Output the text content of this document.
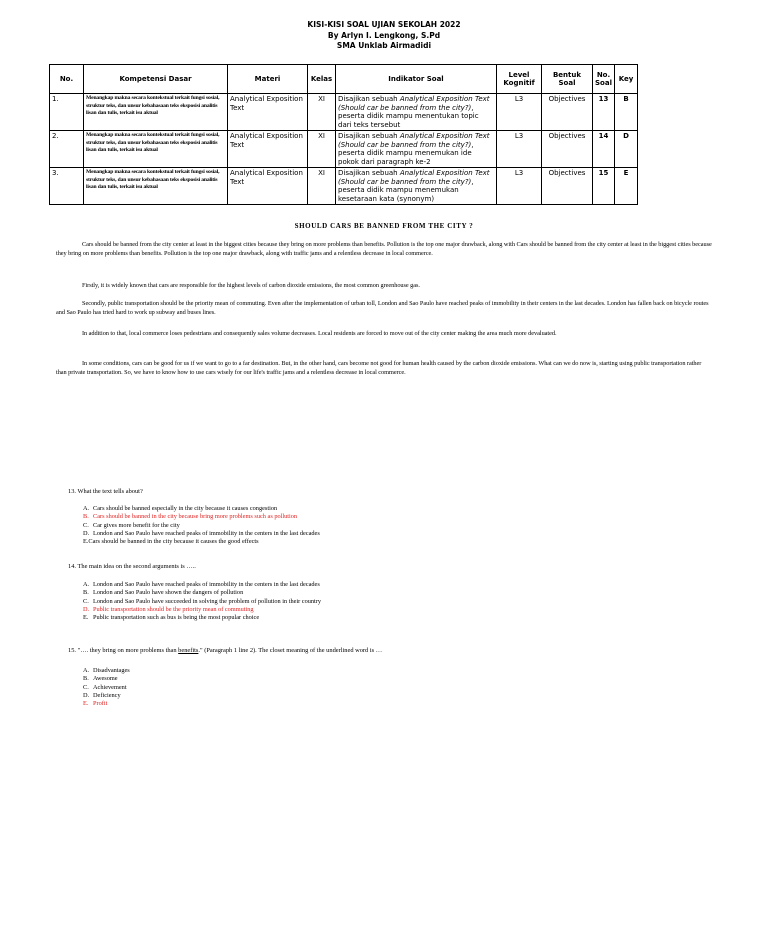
KISI-KISI SOAL UJIAN SEKOLAH 2022
By Arlyn I. Lengkong, S.Pd
SMA Unklab Airmadidi
No.	Kompetensi Dasar	Materi	Kelas	Indikator Soal	Level Kognitif	Bentuk Soal	No. Soal	Key
1.	Menangkap makna secara kontekstual terkait fungsi sosial, struktur teks, dan unsur kebahasaan teks eksposisi analitis lisan dan tulis, terkait isu aktual	Analytical Exposition Text	XI	Disajikan sebuah Analytical Exposition Text (Should car be banned from the city?), peserta didik mampu menentukan topic dari teks tersebut	L3	Objectives	13	B
2.	Menangkap makna secara kontekstual terkait fungsi sosial, struktur teks, dan unsur kebahasaan teks eksposisi analitis lisan dan tulis, terkait isu aktual	Analytical Exposition Text	XI	Disajikan sebuah Analytical Exposition Text (Should car be banned from the city?), peserta didik mampu menemukan ide pokok dari paragraph ke-2	L3	Objectives	14	D
3.	Menangkap makna secara kontekstual terkait fungsi sosial, struktur teks, dan unsur kebahasaan teks eksposisi analitis lisan dan tulis, terkait isu aktual	Analytical Exposition Text	XI	Disajikan sebuah Analytical Exposition Text (Should car be banned from the city?), peserta didik mampu menemukan kesetaraan kata (synonym)	L3	Objectives	15	E
SHOULD CARS BE BANNED FROM THE CITY ?
Cars should be banned from the city center at least in the biggest cities because they bring on more problems than benefits. Pollution is the top one major drawback, along with Cars should be banned from the city center at least in the biggest cities because they bring on more problems than benefits. Pollution is the top one major drawback, along with traffic jams and a relentless decrease in local commerce.
Firstly, it is widely known that cars are responsible for the highest levels of carbon dioxide emissions, the most common greenhouse gas.
Secondly, public transportation should be the priority mean of commuting. Even after the implementation of urban toll, London and Sao Paulo have reached peaks of immobility in their centers in the last decades. London has fallen back on bicycle routes and Sao Paulo has tried hard to work up subway and buses lines.
In addition to that, local commerce loses pedestrians and consequently sales volume decreases. Local residents are forced to move out of the city center making the area much more devaluated.
In some conditions, cars can be good for us if we want to go to a far destination. But, in the other hand, cars become not good for human health caused by the carbon dioxide emissions. What can we do now is, starting using public transportation rather than private transportation. So, we have to know how to use cars wisely for our life's traffic jams and a relentless decrease in local commerce.
13. What the text tells about?
A. Cars should be banned especially in the city because it causes congestion
B. Cars should be banned in the city because bring more problems such as pollution
C. Car gives more benefit for the city
D. London and Sao Paulo have reached peaks of immobility in the centers in the last decades
E.Cars should be banned in the city because it causes the good effects
14. The main idea on the second arguments is …..
A. London and Sao Paulo have reached peaks of immobility in the centers in the last decades
B. London and Sao Paulo have shown the dangers of pollution
C. London and Sao Paulo have succeeded in solving the problem of pollution in their country
D. Public transportation should be the priority mean of commuting
E. Public transportation such as bus is being the most popular choice
15. "…. they bring on more problems than benefits." (Paragraph 1 line 2). The closet meaning of the underlined word is …
A. Disadvantages
B. Awesome
C. Achievement
D. Deficiency
E. Profit
